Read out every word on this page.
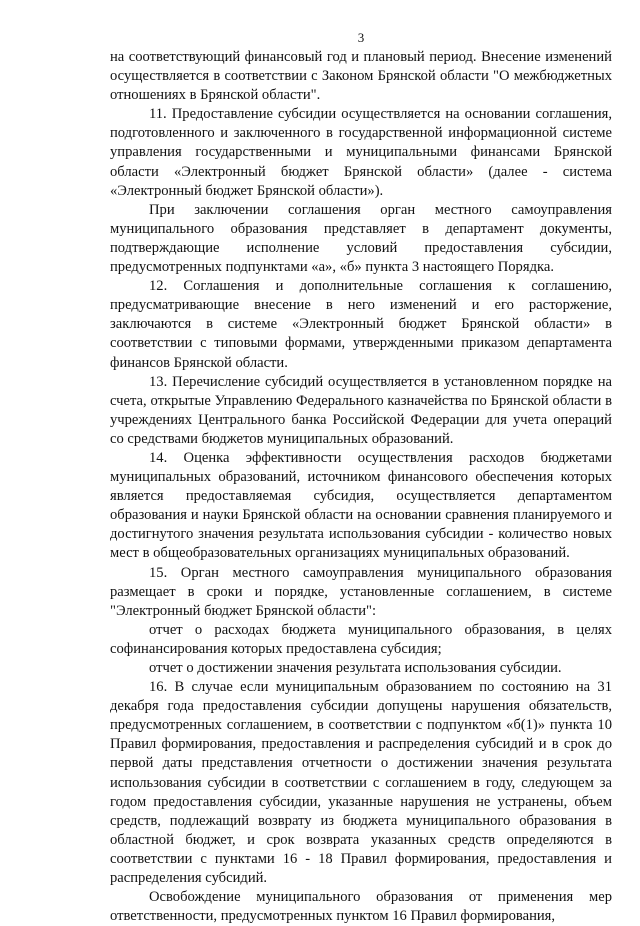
3

на соответствующий финансовый год и плановый период. Внесение изменений осуществляется в соответствии с Законом Брянской области "О межбюджетных отношениях в Брянской области".

11. Предоставление субсидии осуществляется на основании соглашения, подготовленного и заключенного в государственной информационной системе управления государственными и муниципальными финансами Брянской области «Электронный бюджет Брянской области» (далее - система «Электронный бюджет Брянской области»).

При заключении соглашения орган местного самоуправления муниципального образования представляет в департамент документы, подтверждающие исполнение условий предоставления субсидии, предусмотренных подпунктами «а», «б» пункта 3 настоящего Порядка.

12. Соглашения и дополнительные соглашения к соглашению, предусматривающие внесение в него изменений и его расторжение, заключаются в системе «Электронный бюджет Брянской области» в соответствии с типовыми формами, утвержденными приказом департамента финансов Брянской области.

13. Перечисление субсидий осуществляется в установленном порядке на счета, открытые Управлению Федерального казначейства по Брянской области в учреждениях Центрального банка Российской Федерации для учета операций со средствами бюджетов муниципальных образований.

14. Оценка эффективности осуществления расходов бюджетами муниципальных образований, источником финансового обеспечения которых является предоставляемая субсидия, осуществляется департаментом образования и науки Брянской области на основании сравнения планируемого и достигнутого значения результата использования субсидии - количество новых мест в общеобразовательных организациях муниципальных образований.

15. Орган местного самоуправления муниципального образования размещает в сроки и порядке, установленные соглашением, в системе "Электронный бюджет Брянской области":

отчет о расходах бюджета муниципального образования, в целях софинансирования которых предоставлена субсидия;

отчет о достижении значения результата использования субсидии.

16. В случае если муниципальным образованием по состоянию на 31 декабря года предоставления субсидии допущены нарушения обязательств, предусмотренных соглашением, в соответствии с подпунктом «б(1)» пункта 10 Правил формирования, предоставления и распределения субсидий и в срок до первой даты представления отчетности о достижении значения результата использования субсидии в соответствии с соглашением в году, следующем за годом предоставления субсидии, указанные нарушения не устранены, объем средств, подлежащий возврату из бюджета муниципального образования в областной бюджет, и срок возврата указанных средств определяются в соответствии с пунктами 16 - 18 Правил формирования, предоставления и распределения субсидий.

Освобождение муниципального образования от применения мер ответственности, предусмотренных пунктом 16 Правил формирования,
